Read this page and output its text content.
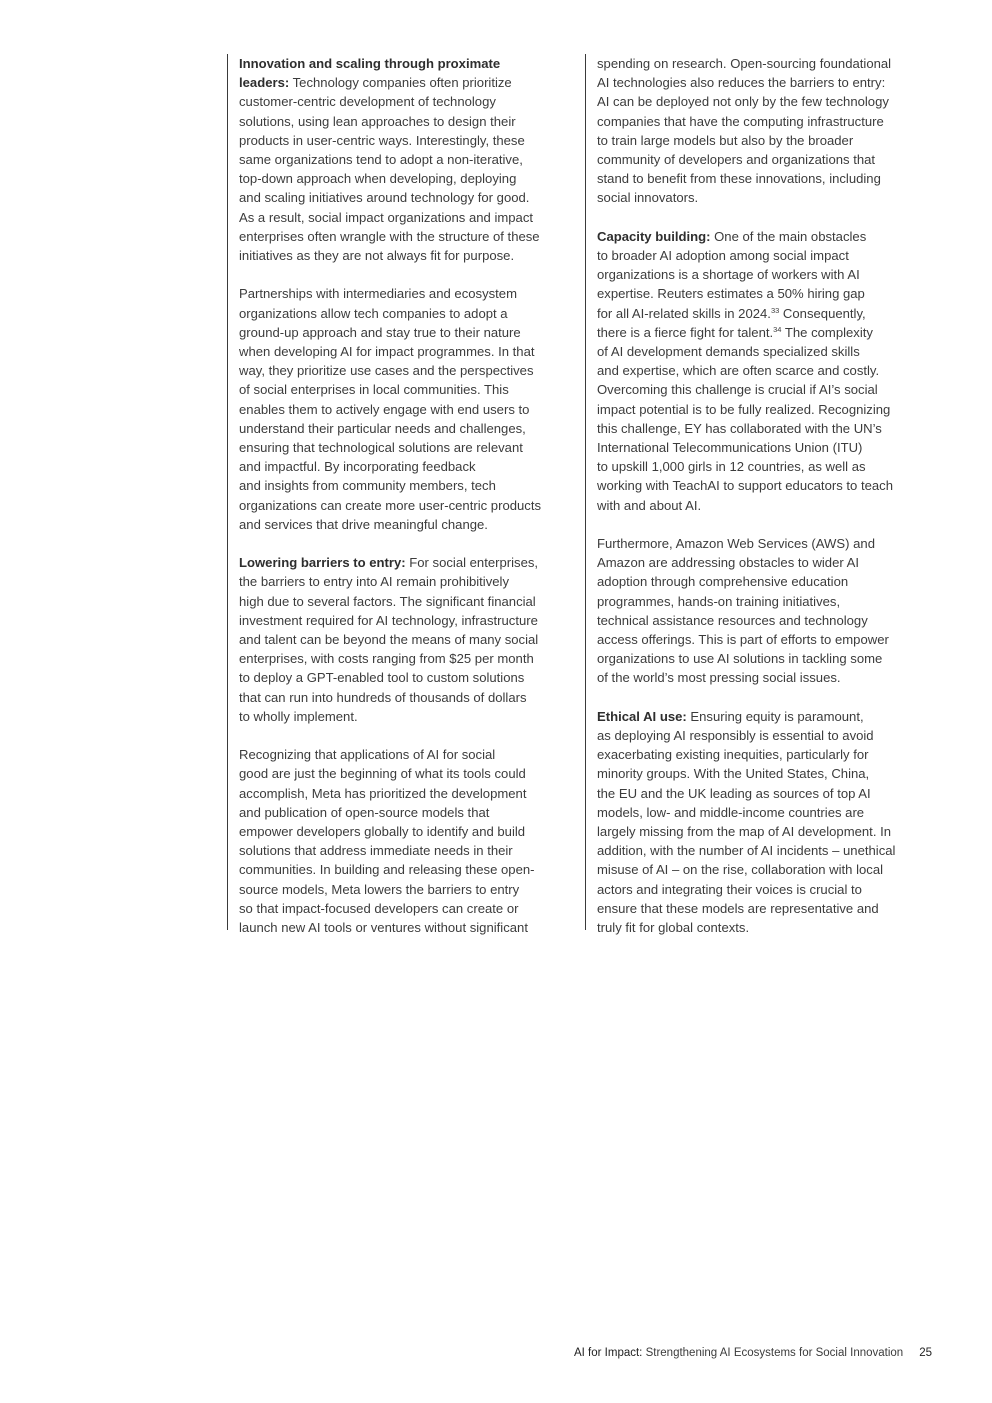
Innovation and scaling through proximate
leaders: Technology companies often prioritize
customer-centric development of technology
solutions, using lean approaches to design their
products in user-centric ways. Interestingly, these
same organizations tend to adopt a non-iterative,
top-down approach when developing, deploying
and scaling initiatives around technology for good.
As a result, social impact organizations and impact
enterprises often wrangle with the structure of these
initiatives as they are not always fit for purpose.

Partnerships with intermediaries and ecosystem
organizations allow tech companies to adopt a
ground-up approach and stay true to their nature
when developing AI for impact programmes. In that
way, they prioritize use cases and the perspectives
of social enterprises in local communities. This
enables them to actively engage with end users to
understand their particular needs and challenges,
ensuring that technological solutions are relevant
and impactful. By incorporating feedback
and insights from community members, tech
organizations can create more user-centric products
and services that drive meaningful change.

Lowering barriers to entry: For social enterprises,
the barriers to entry into AI remain prohibitively
high due to several factors. The significant financial
investment required for AI technology, infrastructure
and talent can be beyond the means of many social
enterprises, with costs ranging from $25 per month
to deploy a GPT-enabled tool to custom solutions
that can run into hundreds of thousands of dollars
to wholly implement.

Recognizing that applications of AI for social
good are just the beginning of what its tools could
accomplish, Meta has prioritized the development
and publication of open-source models that
empower developers globally to identify and build
solutions that address immediate needs in their
communities. In building and releasing these open-
source models, Meta lowers the barriers to entry
so that impact-focused developers can create or
launch new AI tools or ventures without significant

spending on research. Open-sourcing foundational
AI technologies also reduces the barriers to entry:
AI can be deployed not only by the few technology
companies that have the computing infrastructure
to train large models but also by the broader
community of developers and organizations that
stand to benefit from these innovations, including
social innovators.

Capacity building: One of the main obstacles
to broader AI adoption among social impact
organizations is a shortage of workers with AI
expertise. Reuters estimates a 50% hiring gap
for all AI-related skills in 2024.33 Consequently,
there is a fierce fight for talent.$^{34}$ The complexity
of AI development demands specialized skills
and expertise, which are often scarce and costly.
Overcoming this challenge is crucial if AI’s social
impact potential is to be fully realized. Recognizing
this challenge, EY has collaborated with the UN’s
International Telecommunications Union (ITU)
to upskill 1,000 girls in 12 countries, as well as
working with TeachAI to support educators to teach
with and about AI.

Furthermore, Amazon Web Services (AWS) and
Amazon are addressing obstacles to wider AI
adoption through comprehensive education
programmes, hands-on training initiatives,
technical assistance resources and technology
access offerings. This is part of efforts to empower
organizations to use AI solutions in tackling some
of the world’s most pressing social issues.

Ethical AI use: Ensuring equity is paramount,
as deploying AI responsibly is essential to avoid
exacerbating existing inequities, particularly for
minority groups. With the United States, China,
the EU and the UK leading as sources of top AI
models, low- and middle-income countries are
largely missing from the map of AI development. In
addition, with the number of AI incidents – unethical
misuse of AI – on the rise, collaboration with local
actors and integrating their voices is crucial to
ensure that these models are representative and
truly fit for global contexts.

AI for Impact: Strengthening AI Ecosystems for Social Innovation 25
